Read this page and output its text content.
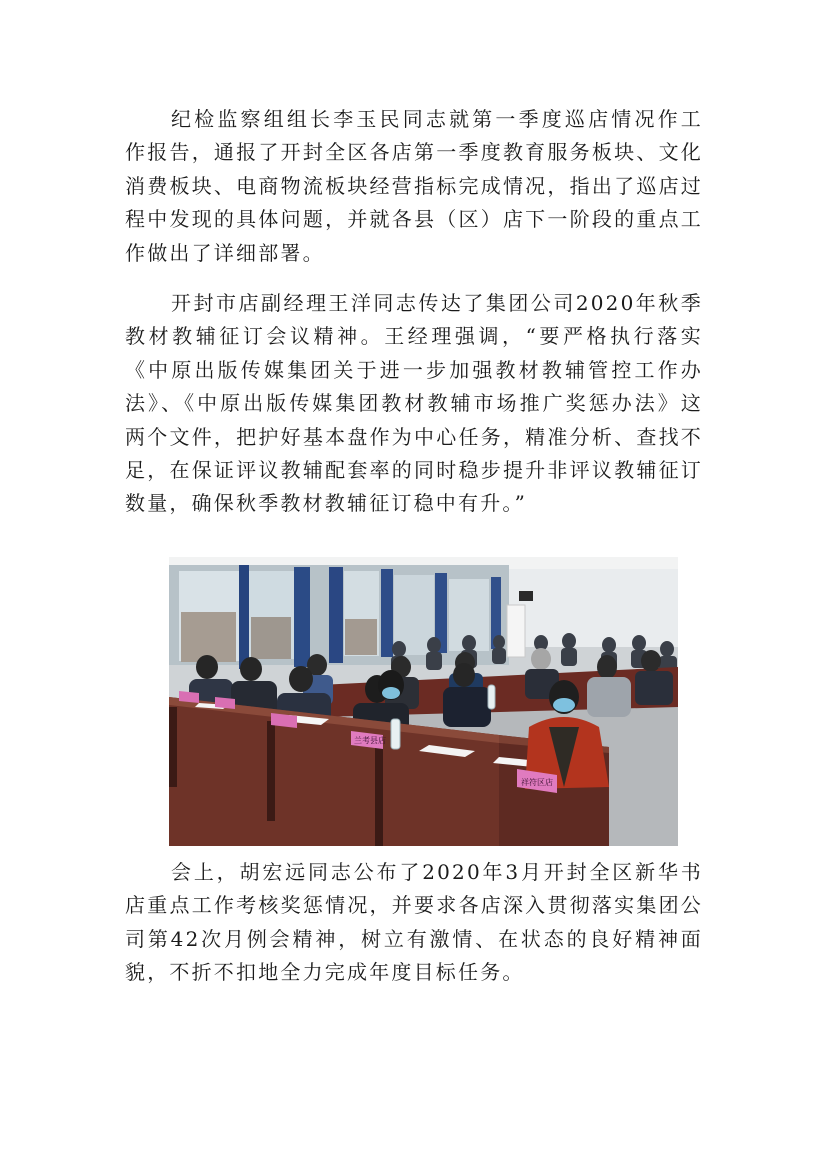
纪检监察组组长李玉民同志就第一季度巡店情况作工作报告，通报了开封全区各店第一季度教育服务板块、文化消费板块、电商物流板块经营指标完成情况，指出了巡店过程中发现的具体问题，并就各县（区）店下一阶段的重点工作做出了详细部署。

开封市店副经理王洋同志传达了集团公司2020年秋季教材教辅征订会议精神。王经理强调，“要严格执行落实《中原出版传媒集团关于进一步加强教材教辅管控工作办法》、《中原出版传媒集团教材教辅市场推广奖惩办法》这两个文件，把护好基本盘作为中心任务，精准分析、查找不足，在保证评议教辅配套率的同时稳步提升非评议教辅征订数量，确保秋季教材教辅征订稳中有升。”

兰考县店
祥符区店

会上，胡宏远同志公布了2020年3月开封全区新华书店重点工作考核奖惩情况，并要求各店深入贯彻落实集团公司第42次月例会精神，树立有激情、在状态的良好精神面貌，不折不扣地全力完成年度目标任务。
